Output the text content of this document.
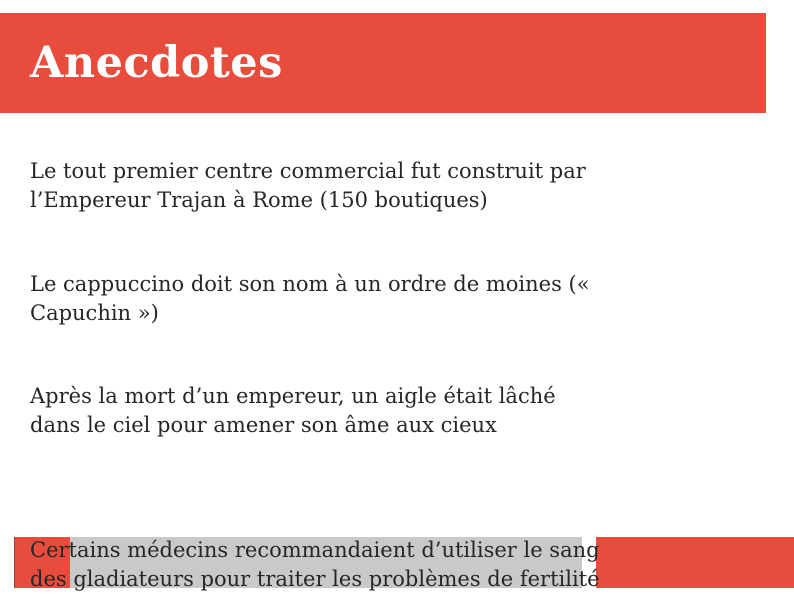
Anecdotes

Le tout premier centre commercial fut construit par
l’Empereur Trajan à Rome (150 boutiques)

Le cappuccino doit son nom à un ordre de moines («
Capuchin »)

Après la mort d’un empereur, un aigle était lâché
dans le ciel pour amener son âme aux cieux

Certains médecins recommandaient d’utiliser le sang
des gladiateurs pour traiter les problèmes de fertilité
